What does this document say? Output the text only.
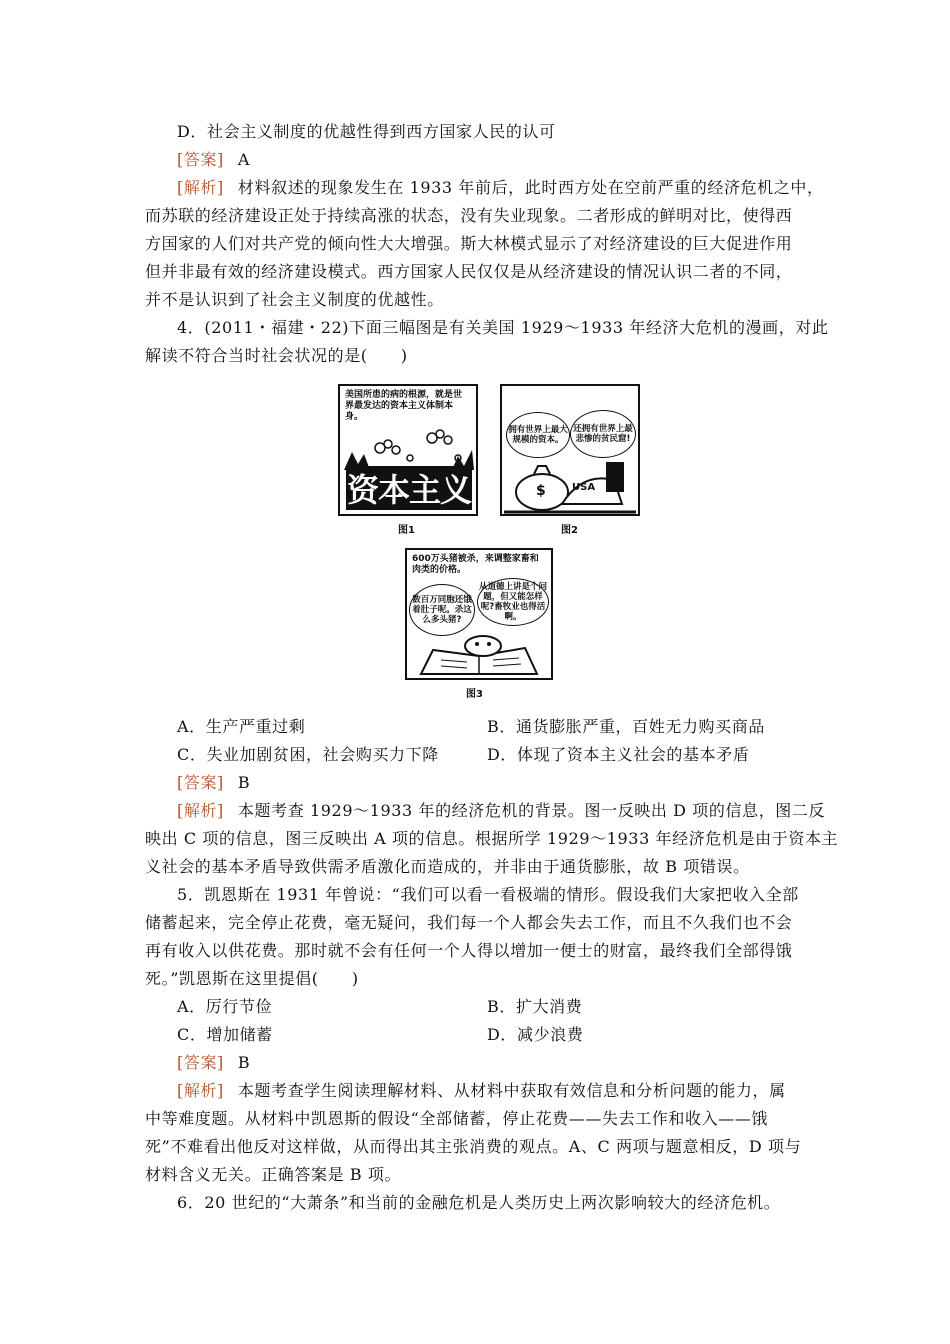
D．社会主义制度的优越性得到西方国家人民的认可
[答案] A
[解析] 材料叙述的现象发生在 1933 年前后，此时西方处在空前严重的经济危机之中，
而苏联的经济建设正处于持续高涨的状态，没有失业现象。二者形成的鲜明对比，使得西
方国家的人们对共产党的倾向性大大增强。斯大林模式显示了对经济建设的巨大促进作用
但并非最有效的经济建设模式。西方国家人民仅仅是从经济建设的情况认识二者的不同，
并不是认识到了社会主义制度的优越性。
4．(2011・福建・22)下面三幅图是有关美国 1929～1933 年经济大危机的漫画，对此
解读不符合当时社会状况的是(　　)
美国所患的病的根源，就是世界最发达的资本主义体制本身。
资本主义
图1
拥有世界上最大规模的资本。
还拥有世界上最悲惨的贫民窟!
$	USA
图2
600万头猪被杀，来调整家畜和肉类的价格。
数百万同胞还饿着肚子呢。杀这么多头猪?
从道德上讲是个问题，但又能怎样呢?畜牧业也得活啊。
图3
A．生产严重过剩	B．通货膨胀严重，百姓无力购买商品
C．失业加剧贫困，社会购买力下降	D．体现了资本主义社会的基本矛盾
[答案] B
[解析] 本题考查 1929～1933 年的经济危机的背景。图一反映出 D 项的信息，图二反
映出 C 项的信息，图三反映出 A 项的信息。根据所学 1929～1933 年经济危机是由于资本主
义社会的基本矛盾导致供需矛盾激化而造成的，并非由于通货膨胀，故 B 项错误。
5．凯恩斯在 1931 年曾说：“我们可以看一看极端的情形。假设我们大家把收入全部
储蓄起来，完全停止花费，毫无疑问，我们每一个人都会失去工作，而且不久我们也不会
再有收入以供花费。那时就不会有任何一个人得以增加一便士的财富，最终我们全部得饿
死。”凯恩斯在这里提倡(　　)
A．厉行节俭	B．扩大消费
C．增加储蓄	D．减少浪费
[答案] B
[解析] 本题考查学生阅读理解材料、从材料中获取有效信息和分析问题的能力，属
中等难度题。从材料中凯恩斯的假设“全部储蓄，停止花费——失去工作和收入——饿
死”不难看出他反对这样做，从而得出其主张消费的观点。A、C 两项与题意相反，D 项与
材料含义无关。正确答案是 B 项。
6．20 世纪的“大萧条”和当前的金融危机是人类历史上两次影响较大的经济危机。
